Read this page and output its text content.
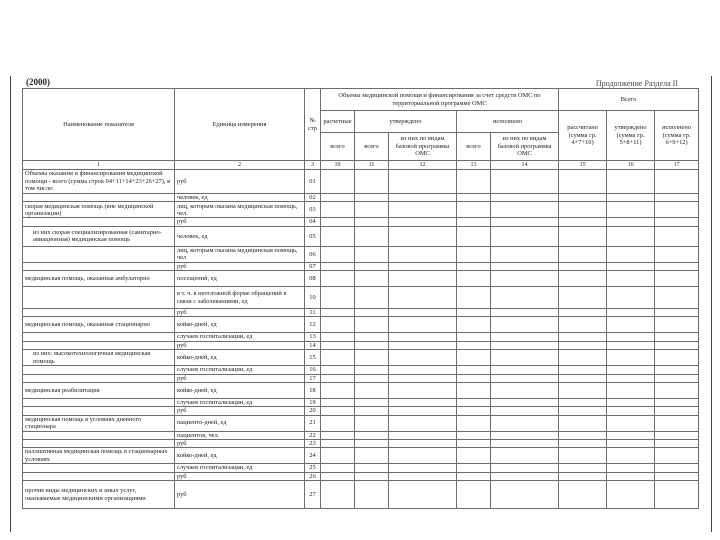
(2000)	Продолжение Раздела II
Наименование показателя	Единица измерения	№ стр	Объемы медицинской помощи и финансирования за счет средств ОМС по территориальной программе ОМС					Всего		
			расчетные	утверждено		исполнено		рассчитано (сумма гр. 4+7+10)	утверждено (сумма гр. 5+8+11)	исполнено (сумма гр. 6+9+12)
			всего	всего	из них по видам базовой программы ОМС	всего	из них по видам базовой программы ОМС			
1	2	3	10	11	12	13	14	15	16	17
Объемы оказания и финансирования медицинской помощи - всего (сумма строк 04+11+14+23+26+27), в том числе:	руб	01								
	человек, ед	02								
скорая медицинская помощь (вне медицинской организации)	лиц, которым оказана медицинская помощь, чел.	03								
	руб	04								
из них скорая специализированная (санитарно-авиационная) медицинская помощь	человек, ед	05								
	лиц, которым оказана медицинская помощь, чел	06								
	руб	07								
медицинская помощь, оказанная амбулаторно	посещений, ед	08								
	в т. ч. в неотложной форме обращений в связи с заболеваниями, ед	10								
	руб	11								
медицинская помощь, оказанная стационарно	койко-дней, ед	12								
	случаев госпитализации, ед	13								
	руб	14								
из них: высокотехнологичная медицинская помощь	койко-дней, ед	15								
	случаев госпитализации, ед	16								
	руб	17								
медицинская реабилитация	койко-дней, ед	18								
	случаев госпитализации, ед	19								
	руб	20								
медицинская помощь в условиях дневного стационара	пациенто-дней, ед	21								
	пациентов, чел.	22								
	руб	23								
паллиативная медицинская помощь в стационарных условиях	койко-дней, ед	24								
	случаев госпитализации, ед	25								
	руб	26								
прочие виды медицинских и иных услуг, оказываемые медицинскими организациями	руб	27								
